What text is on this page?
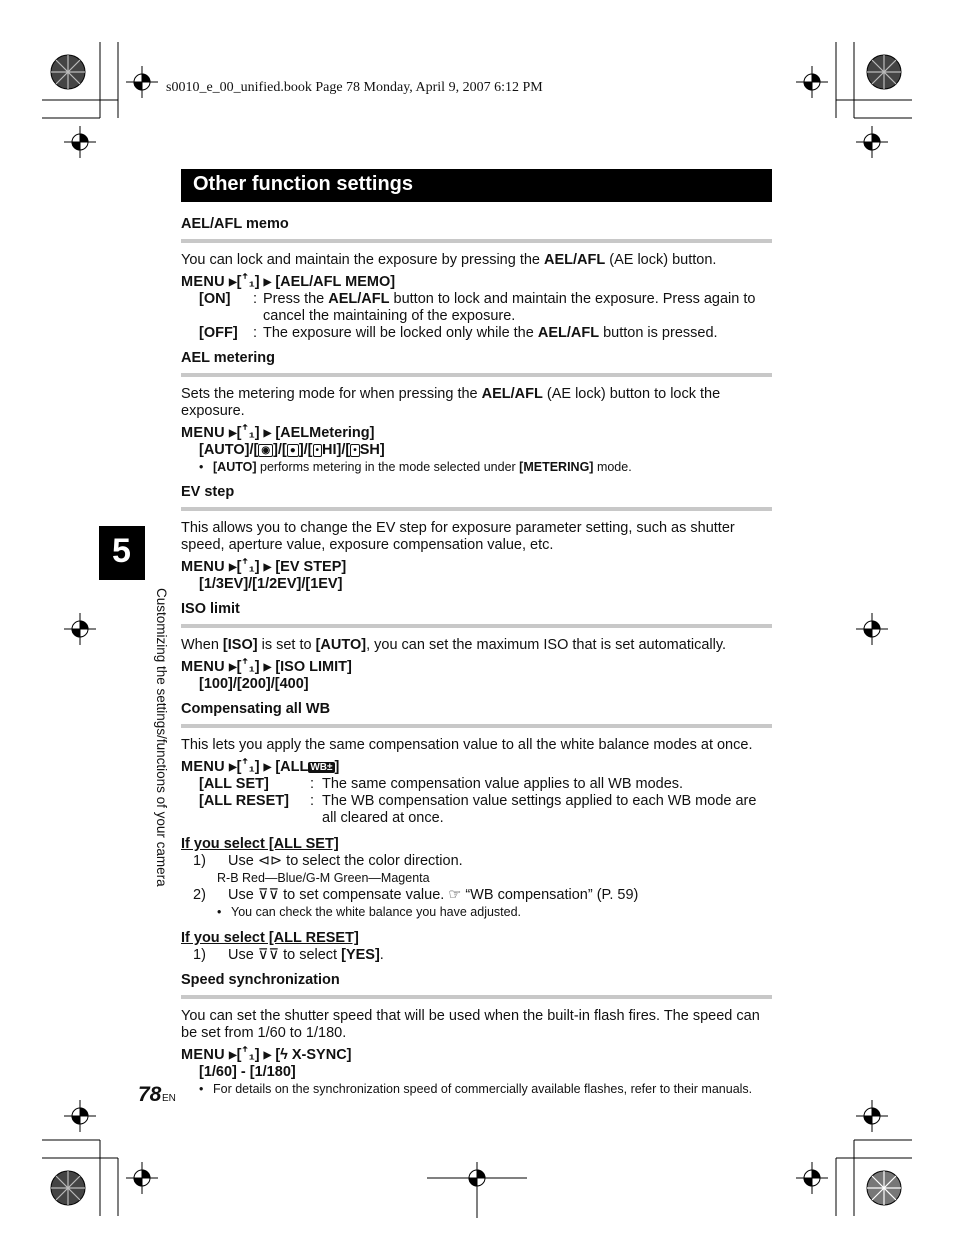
s0010_e_00_unified.book Page 78 Monday, April 9, 2007 6:12 PM
Other function settings
5
Customizing the settings/functions of your camera
AEL/AFL memo
You can lock and maintain the exposure by pressing the AEL/AFL (AE lock) button.
MENU ▶[ꜛ₁] ▶ [AEL/AFL MEMO]
[ON]	: Press the AEL/AFL button to lock and maintain the exposure. Press again to cancel the maintaining of the exposure.
[OFF]	: The exposure will be locked only while the AEL/AFL button is pressed.
AEL metering
Sets the metering mode for when pressing the AEL/AFL (AE lock) button to lock the exposure.
MENU ▶[ꜛ₁] ▶ [AELMetering]
[AUTO]/[ ◉ ]/[ ● ]/[ • HI]/[ • SH]
• [AUTO] performs metering in the mode selected under [METERING] mode.
EV step
This allows you to change the EV step for exposure parameter setting, such as shutter speed, aperture value, exposure compensation value, etc.
MENU ▶[ꜛ₁] ▶ [EV STEP]
[1/3EV]/[1/2EV]/[1EV]
ISO limit
When [ISO] is set to [AUTO], you can set the maximum ISO that is set automatically.
MENU ▶[ꜛ₁] ▶ [ISO LIMIT]
[100]/[200]/[400]
Compensating all WB
This lets you apply the same compensation value to all the white balance modes at once.
MENU ▶[ꜛ₁] ▶ [ALL WB± ]
[ALL SET]	: The same compensation value applies to all WB modes.
[ALL RESET]	: The WB compensation value settings applied to each WB mode are all cleared at once.
If you select [ALL SET]
1)	Use ⊲⊳ to select the color direction.
R-B Red—Blue/G-M Green—Magenta
2)	Use ⊽⊽ to set compensate value. ☞ “WB compensation” (P. 59)
• You can check the white balance you have adjusted.
If you select [ALL RESET]
1)	Use ⊽⊽ to select [YES].
Speed synchronization
You can set the shutter speed that will be used when the built-in flash fires. The speed can be set from 1/60 to 1/180.
MENU ▶[ꜛ₁] ▶ [ϟ X-SYNC]
[1/60] - [1/180]
• For details on the synchronization speed of commercially available flashes, refer to their manuals.
78 EN
